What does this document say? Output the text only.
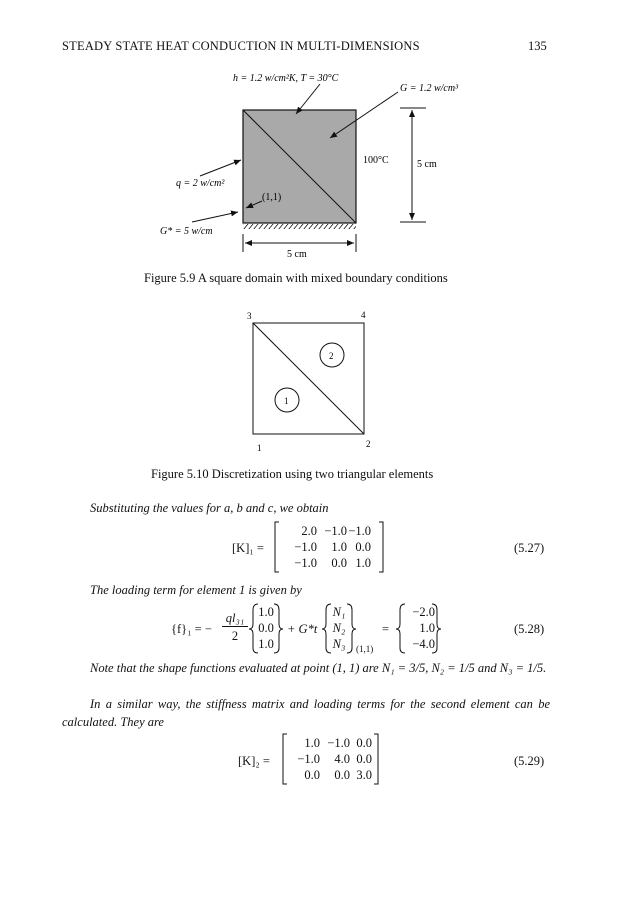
STEADY STATE HEAT CONDUCTION IN MULTI-DIMENSIONS	135
h = 1.2 w/cm²K, T = 30°C
G = 1.2 w/cm³
100°C	5 cm
q = 2 w/cm²
(1,1)
G* = 5 w/cm
5 cm
Figure 5.9 A square domain with mixed boundary conditions
1
2
1	2
3	4
Figure 5.10 Discretization using two triangular elements
Substituting the values for a, b and c, we obtain
[K]₁ =
2.0 −1.0 −1.0
−1.0	1.0 0.0
−1.0	0.0 1.0
(5.27)
The loading term for element 1 is given by
{f}₁ = −
ql₃₁
2
1.0
0.0
1.0
+ G*t
N₁
N₂
N₃	(1,1)
=
−2.0
1.0
−4.0
(5.28)
Note that the shape functions evaluated at point (1, 1) are N₁ = 3/5, N₂ = 1/5 and N₃ = 1/5.
In a similar way, the stiffness matrix and loading terms for the second element can be calculated. They are
[K]₂ =
1.0 −1.0 0.0
−1.0	4.0 0.0
0.0	0.0 3.0
(5.29)
